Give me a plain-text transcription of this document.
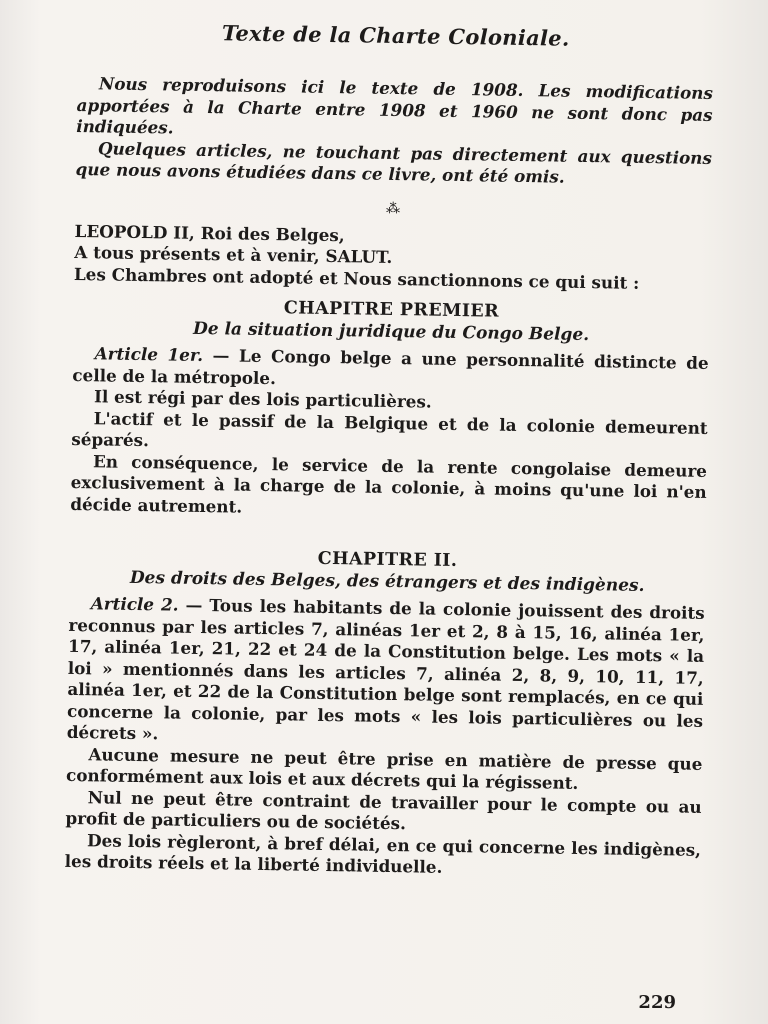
Texte de la Charte Coloniale.

Nous reproduisons ici le texte de 1908. Les modifications apportées à la Charte entre 1908 et 1960 ne sont donc pas indiquées.

Quelques articles, ne touchant pas directement aux questions que nous avons étudiées dans ce livre, ont été omis.

⁂

LEOPOLD II, Roi des Belges,

A tous présents et à venir, SALUT.

Les Chambres ont adopté et Nous sanctionnons ce qui suit :

CHAPITRE PREMIER
De la situation juridique du Congo Belge.

Article 1er. — Le Congo belge a une personnalité distincte de celle de la métropole.

Il est régi par des lois particulières.

L'actif et le passif de la Belgique et de la colonie demeurent séparés.

En conséquence, le service de la rente congolaise demeure exclusivement à la charge de la colonie, à moins qu'une loi n'en décide autrement.

CHAPITRE II.
Des droits des Belges, des étrangers et des indigènes.

Article 2. — Tous les habitants de la colonie jouissent des droits reconnus par les articles 7, alinéas 1er et 2, 8 à 15, 16, alinéa 1er, 17, alinéa 1er, 21, 22 et 24 de la Constitution belge. Les mots « la loi » mentionnés dans les articles 7, alinéa 2, 8, 9, 10, 11, 17, alinéa 1er, et 22 de la Constitution belge sont remplacés, en ce qui concerne la colonie, par les mots « les lois particulières ou les décrets ».

Aucune mesure ne peut être prise en matière de presse que conformément aux lois et aux décrets qui la régissent.

Nul ne peut être contraint de travailler pour le compte ou au profit de particuliers ou de sociétés.

Des lois règleront, à bref délai, en ce qui concerne les indigènes, les droits réels et la liberté individuelle.

229
